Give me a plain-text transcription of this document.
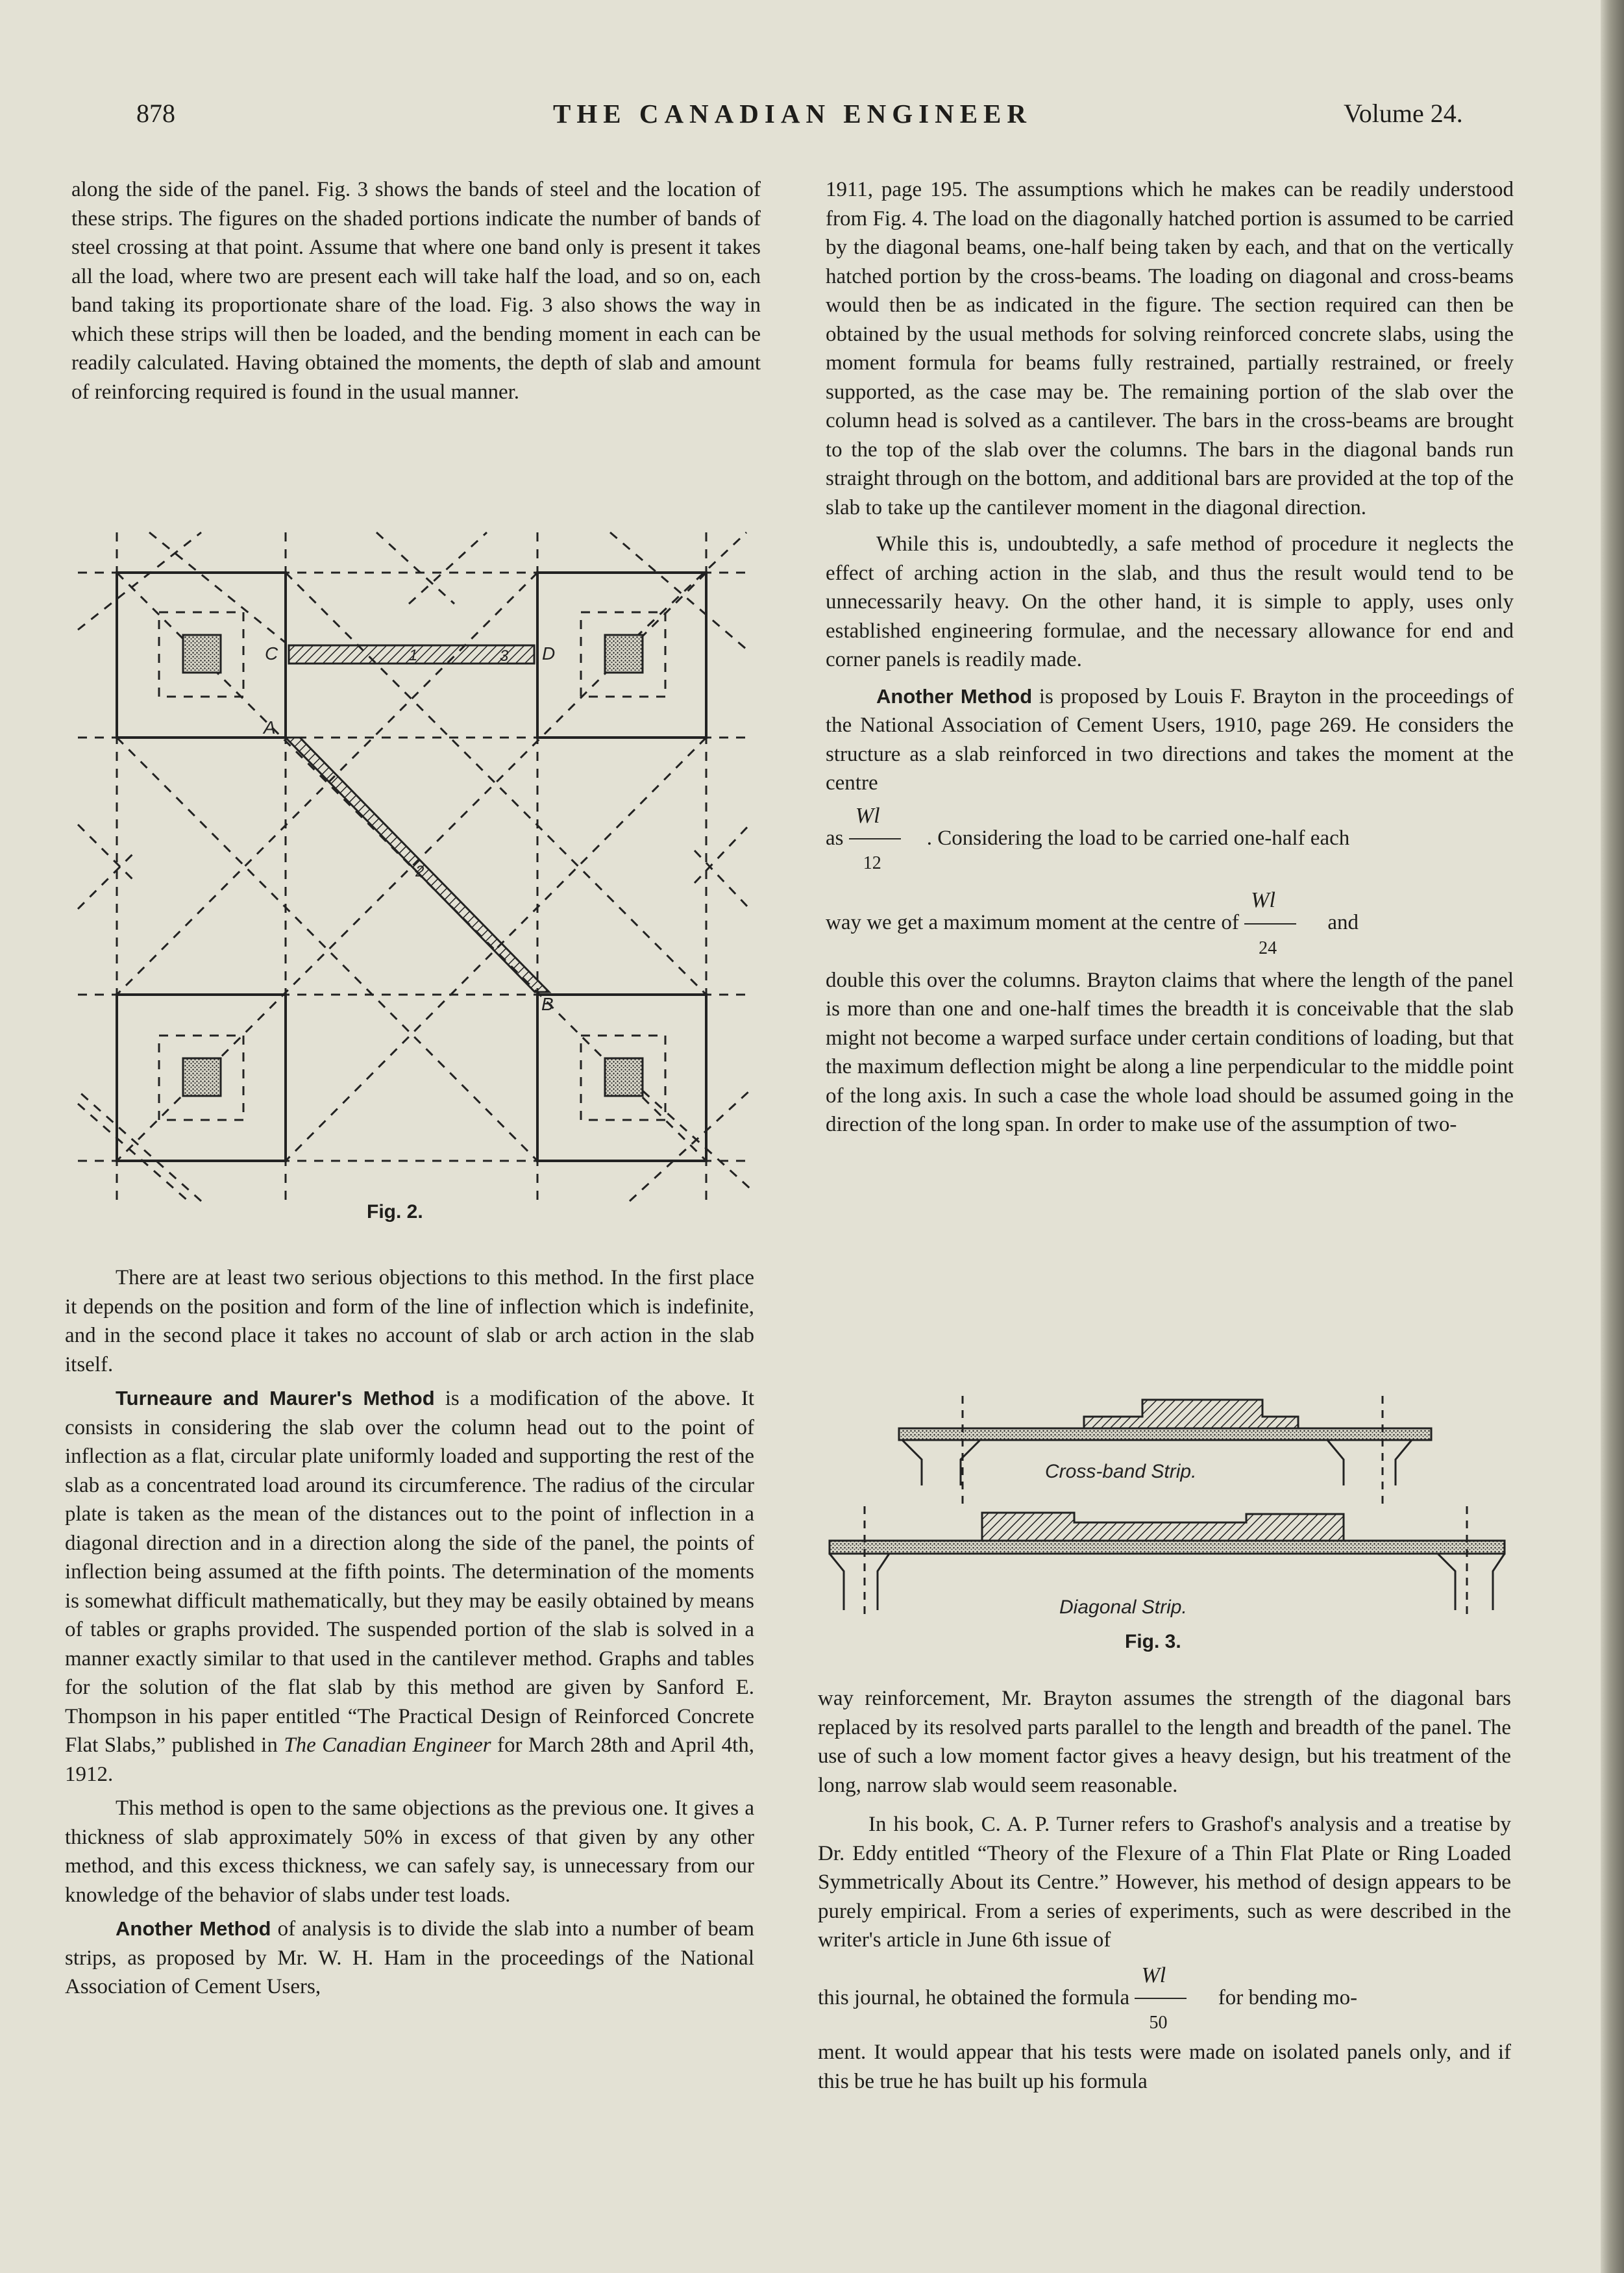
878	THE CANADIAN ENGINEER	Volume 24.

along the side of the panel. Fig. 3 shows the bands of steel and the location of these strips. The figures on the shaded portions indicate the number of bands of steel crossing at that point. Assume that where one band only is present it takes all the load, where two are present each will take half the load, and so on, each band taking its proportionate share of the load. Fig. 3 also shows the way in which these strips will then be loaded, and the bending moment in each can be readily calculated. Having obtained the moments, the depth of slab and amount of reinforcing required is found in the usual manner.

C	D
A
B
1
2
3
Fig. 2.

There are at least two serious objections to this method. In the first place it depends on the position and form of the line of inflection which is indefinite, and in the second place it takes no account of slab or arch action in the slab itself.

Turneaure and Maurer's Method is a modification of the above. It consists in considering the slab over the column head out to the point of inflection as a flat, circular plate uniformly loaded and supporting the rest of the slab as a concentrated load around its circumference. The radius of the circular plate is taken as the mean of the distances out to the point of inflection in a diagonal direction and in a direction along the side of the panel, the points of inflection being assumed at the fifth points. The determination of the moments is somewhat difficult mathematically, but they may be easily obtained by means of tables or graphs provided. The suspended portion of the slab is solved in a manner exactly similar to that used in the cantilever method. Graphs and tables for the solution of the flat slab by this method are given by Sanford E. Thompson in his paper entitled “The Practical Design of Reinforced Concrete Flat Slabs,” published in The Canadian Engineer for March 28th and April 4th, 1912.

This method is open to the same objections as the previous one. It gives a thickness of slab approximately 50% in excess of that given by any other method, and this excess thickness, we can safely say, is unnecessary from our knowledge of the behavior of slabs under test loads.

Another Method of analysis is to divide the slab into a number of beam strips, as proposed by Mr. W. H. Ham in the proceedings of the National Association of Cement Users,

1911, page 195. The assumptions which he makes can be readily understood from Fig. 4. The load on the diagonally hatched portion is assumed to be carried by the diagonal beams, one-half being taken by each, and that on the vertically hatched portion by the cross-beams. The loading on diagonal and cross-beams would then be as indicated in the figure. The section required can then be obtained by the usual methods for solving reinforced concrete slabs, using the moment formula for beams fully restrained, partially restrained, or freely supported, as the case may be. The remaining portion of the slab over the column head is solved as a cantilever. The bars in the cross-beams are brought to the top of the slab over the columns. The bars in the diagonal bands run straight through on the bottom, and additional bars are provided at the top of the slab to take up the cantilever moment in the diagonal direction.

While this is, undoubtedly, a safe method of procedure it neglects the effect of arching action in the slab, and thus the result would tend to be unnecessarily heavy. On the other hand, it is simple to apply, uses only established engineering formulae, and the necessary allowance for end and corner panels is readily made.

Another Method is proposed by Louis F. Brayton in the proceedings of the National Association of Cement Users, 1910, page 269. He considers the structure as a slab reinforced in two directions and takes the moment at the centre

as $\frac{Wl}{12}$ . Considering the load to be carried one-half each

way we get a maximum moment at the centre of $\frac{Wl}{24}$ and

double this over the columns. Brayton claims that where the length of the panel is more than one and one-half times the breadth it is conceivable that the slab might not become a warped surface under certain conditions of loading, but that the maximum deflection might be along a line perpendicular to the middle point of the long axis. In such a case the whole load should be assumed going in the direction of the long span. In order to make use of the assumption of two-

Cross-band Strip.
Diagonal Strip.
Fig. 3.

way reinforcement, Mr. Brayton assumes the strength of the diagonal bars replaced by its resolved parts parallel to the length and breadth of the panel. The use of such a low moment factor gives a heavy design, but his treatment of the long, narrow slab would seem reasonable.

In his book, C. A. P. Turner refers to Grashof's analysis and a treatise by Dr. Eddy entitled “Theory of the Flexure of a Thin Flat Plate or Ring Loaded Symmetrically About its Centre.” However, his method of design appears to be purely empirical. From a series of experiments, such as were described in the writer's article in June 6th issue of

this journal, he obtained the formula $\frac{Wl}{50}$ for bending mo-

ment. It would appear that his tests were made on isolated panels only, and if this be true he has built up his formula
